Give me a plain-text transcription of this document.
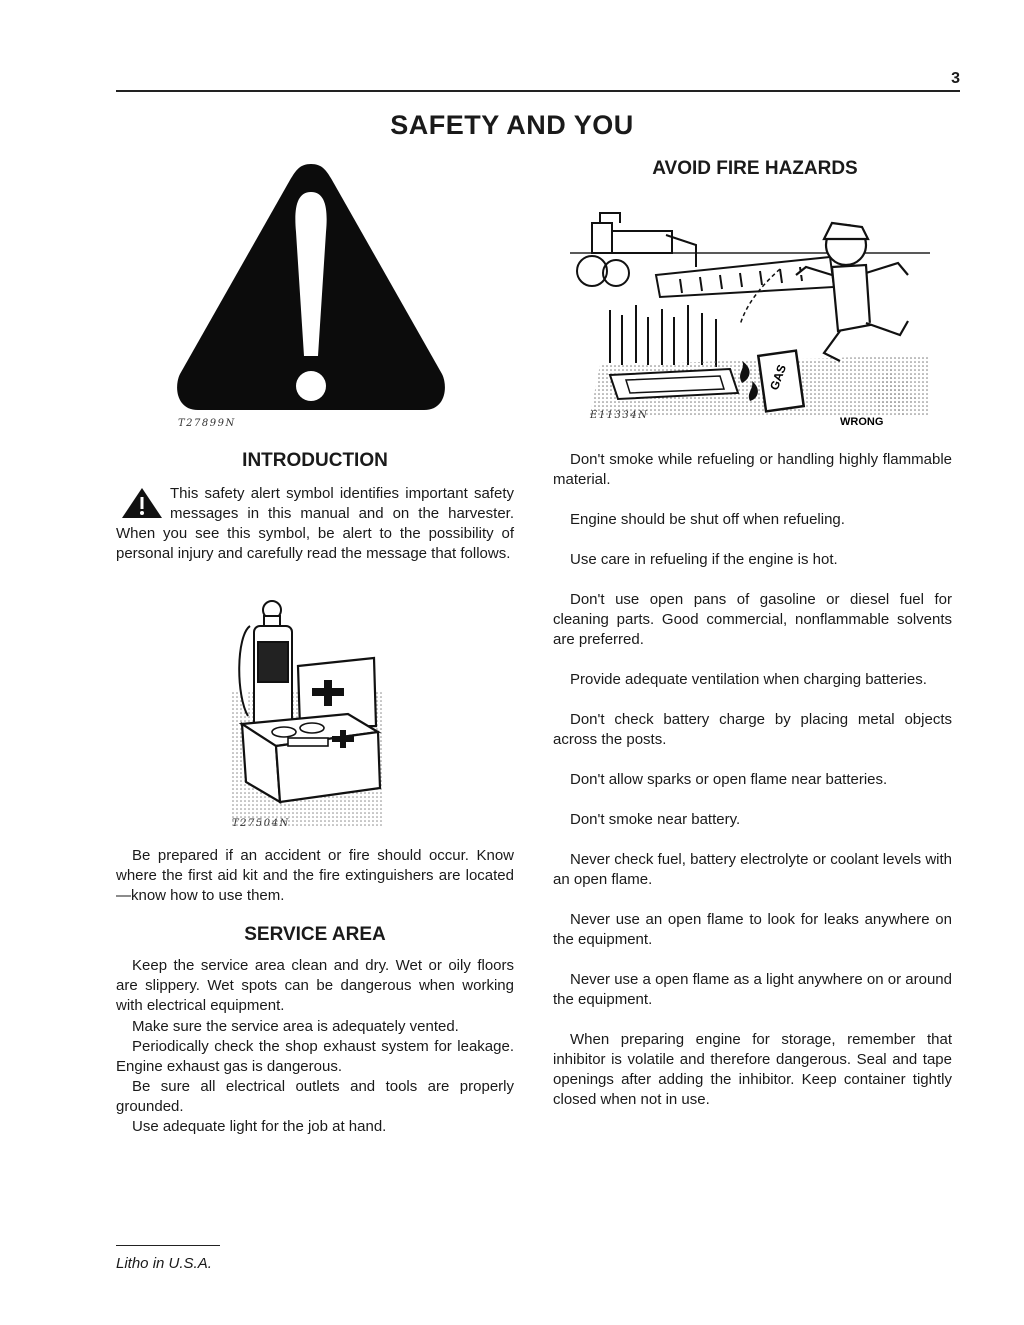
3
SAFETY AND YOU
T27899N
AVOID FIRE HAZARDS
GAS
WRONG
E11334N
INTRODUCTION

This safety alert symbol identifies important safety messages in this manual and on the harvester. When you see this symbol, be alert to the possibility of personal injury and carefully read the message that follows.

T27504N

Be prepared if an accident or fire should occur. Know where the first aid kit and the fire extinguishers are located—know how to use them.

SERVICE AREA

Keep the service area clean and dry. Wet or oily floors are slippery. Wet spots can be dangerous when working with electrical equipment.

Make sure the service area is adequately vented.

Periodically check the shop exhaust system for leakage. Engine exhaust gas is dangerous.

Be sure all electrical outlets and tools are properly grounded.

Use adequate light for the job at hand.

Don't smoke while refueling or handling highly flammable material.

Engine should be shut off when refueling.

Use care in refueling if the engine is hot.

Don't use open pans of gasoline or diesel fuel for cleaning parts. Good commercial, nonflammable solvents are preferred.

Provide adequate ventilation when charging batteries.

Don't check battery charge by placing metal objects across the posts.

Don't allow sparks or open flame near batteries.

Don't smoke near battery.

Never check fuel, battery electrolyte or coolant levels with an open flame.

Never use an open flame to look for leaks anywhere on the equipment.

Never use a open flame as a light anywhere on or around the equipment.

When preparing engine for storage, remember that inhibitor is volatile and therefore dangerous. Seal and tape openings after adding the inhibitor. Keep container tightly closed when not in use.

Litho in U.S.A.
